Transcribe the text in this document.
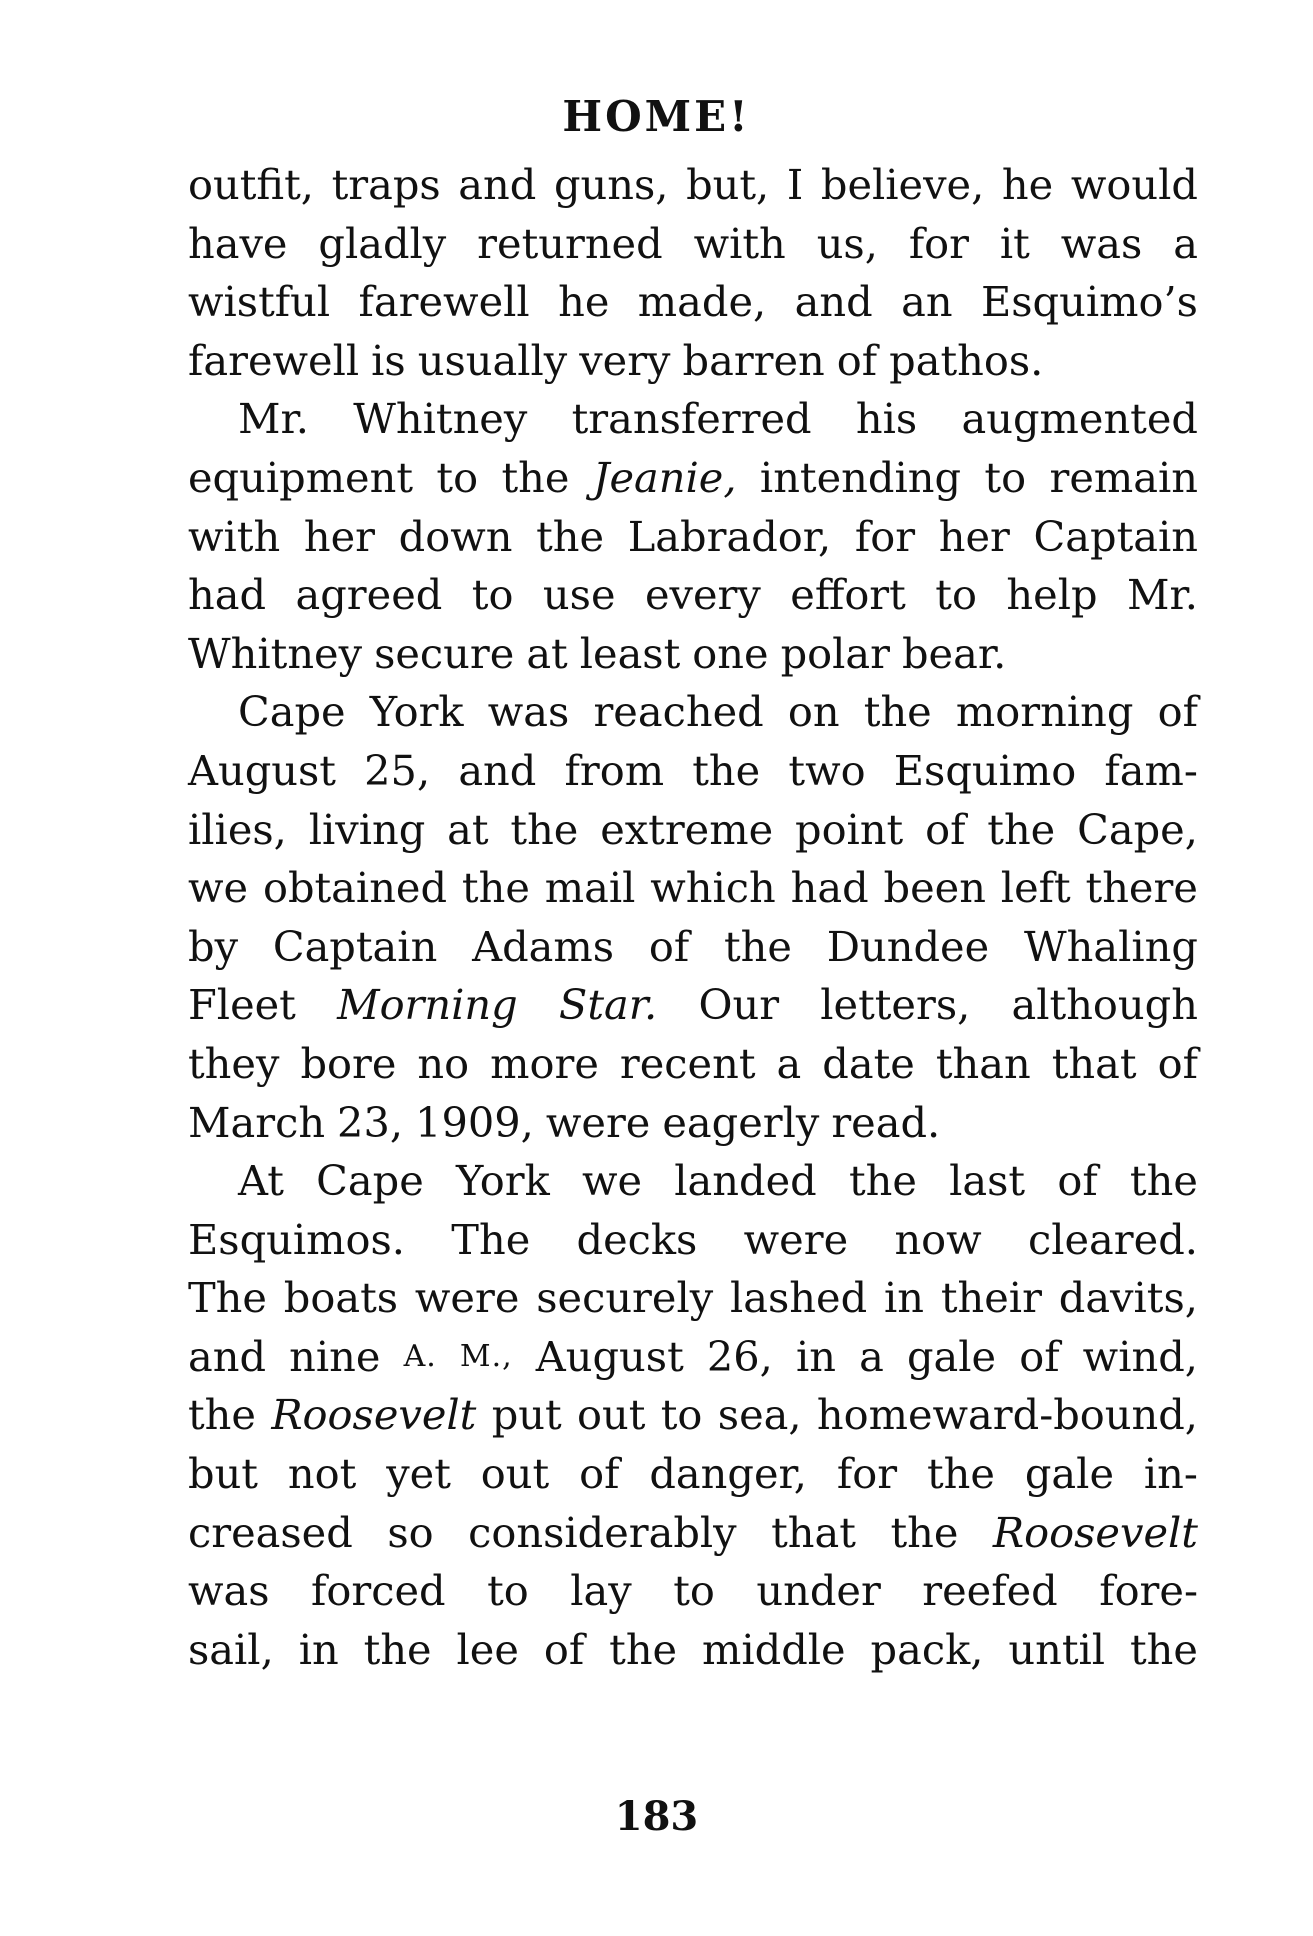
HOME!
outfit, traps and guns, but, I believe, he would
have gladly returned with us, for it was a
wistful farewell he made, and an Esquimo’s
farewell is usually very barren of pathos.
Mr. Whitney transferred his augmented
equipment to the Jeanie, intending to remain
with her down the Labrador, for her Captain
had agreed to use every effort to help Mr.
Whitney secure at least one polar bear.
Cape York was reached on the morning of
August 25, and from the two Esquimo fam-
ilies, living at the extreme point of the Cape,
we obtained the mail which had been left there
by Captain Adams of the Dundee Whaling
Fleet Morning Star. Our letters, although
they bore no more recent a date than that of
March 23, 1909, were eagerly read.
At Cape York we landed the last of the
Esquimos. The decks were now cleared.
The boats were securely lashed in their davits,
and nine A. M., August 26, in a gale of wind,
the Roosevelt put out to sea, homeward-bound,
but not yet out of danger, for the gale in-
creased so considerably that the Roosevelt
was forced to lay to under reefed fore-
sail, in the lee of the middle pack, until the
183
